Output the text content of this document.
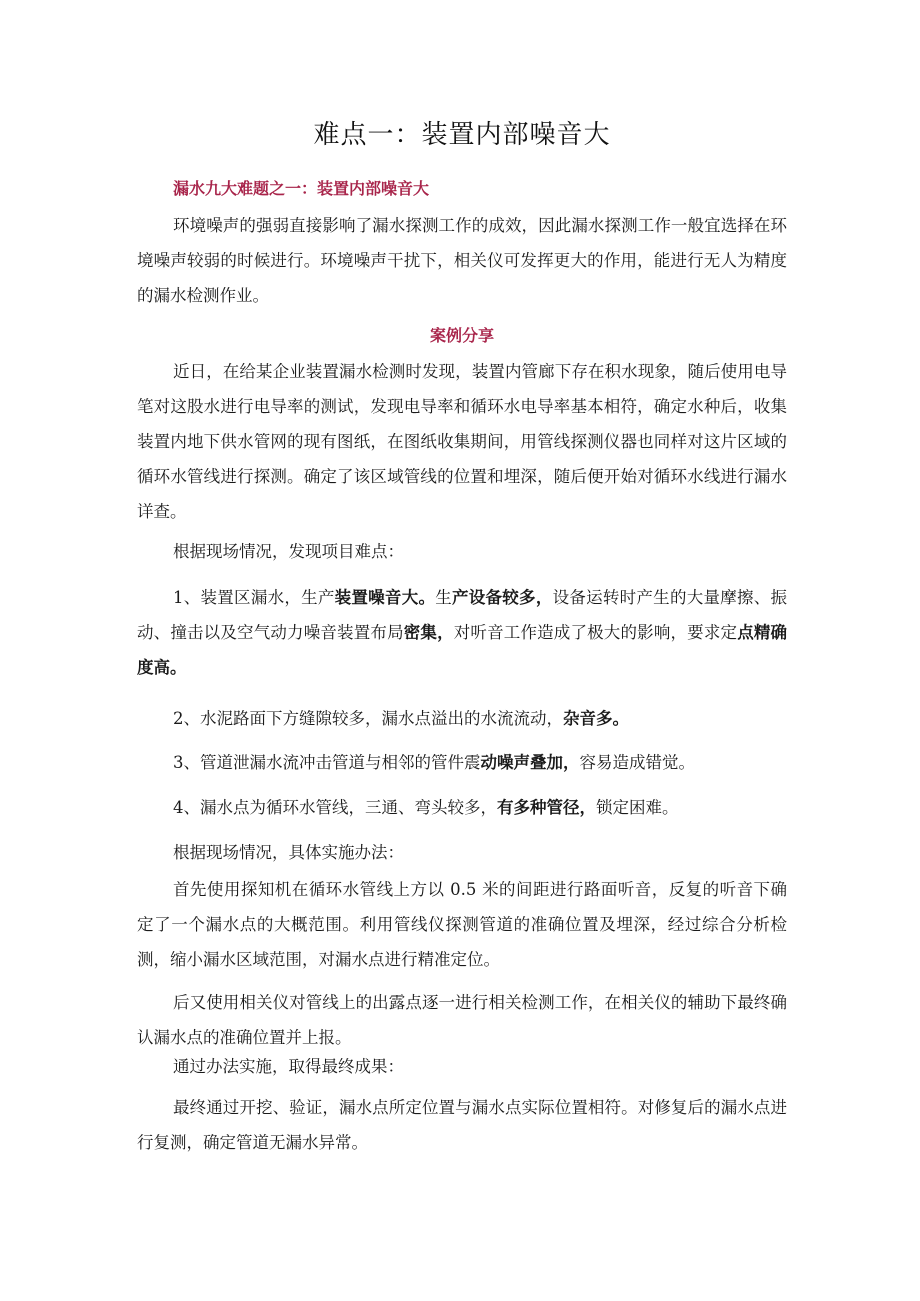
难点一：装置内部噪音大
漏水九大难题之一：装置内部噪音大

环境噪声的强弱直接影响了漏水探测工作的成效，因此漏水探测工作一般宜选择在环境噪声较弱的时候进行。环境噪声干扰下，相关仪可发挥更大的作用，能进行无人为精度的漏水检测作业。

案例分享

近日，在给某企业装置漏水检测时发现，装置内管廊下存在积水现象，随后使用电导笔对这股水进行电导率的测试，发现电导率和循环水电导率基本相符，确定水种后，收集装置内地下供水管网的现有图纸，在图纸收集期间，用管线探测仪器也同样对这片区域的循环水管线进行探测。确定了该区域管线的位置和埋深，随后便开始对循环水线进行漏水详查。

根据现场情况，发现项目难点：

1、装置区漏水，生产装置噪音大。生产设备较多，设备运转时产生的大量摩擦、振动、撞击以及空气动力噪音装置布局密集，对听音工作造成了极大的影响，要求定点精确度高。

2、水泥路面下方缝隙较多，漏水点溢出的水流流动，杂音多。

3、管道泄漏水流冲击管道与相邻的管件震动噪声叠加，容易造成错觉。

4、漏水点为循环水管线，三通、弯头较多，有多种管径，锁定困难。

根据现场情况，具体实施办法：

首先使用探知机在循环水管线上方以 0.5 米的间距进行路面听音，反复的听音下确定了一个漏水点的大概范围。利用管线仪探测管道的准确位置及埋深，经过综合分析检测，缩小漏水区域范围，对漏水点进行精准定位。

后又使用相关仪对管线上的出露点逐一进行相关检测工作，在相关仪的辅助下最终确认漏水点的准确位置并上报。

通过办法实施，取得最终成果：

最终通过开挖、验证，漏水点所定位置与漏水点实际位置相符。对修复后的漏水点进行复测，确定管道无漏水异常。
